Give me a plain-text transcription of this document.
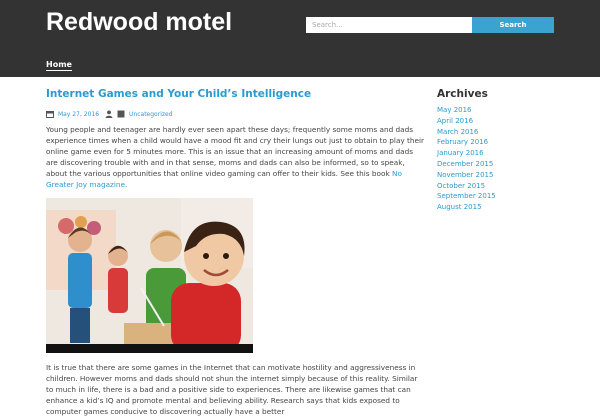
Redwood motel
Search...	Search
Home
Internet Games and Your Child’s Intelligence
May 27, 2016	Uncategorized

Young people and teenager are hardly ever seen apart these days; frequently some moms and dads experience times when a child would have a mood fit and cry their lungs out just to obtain to play their online game even for 5 minutes more. This is an issue that an increasing amount of moms and dads are discovering trouble with and in that sense, moms and dads can also be informed, so to speak, about the various opportunities that online video gaming can offer to their kids. See this book No Greater Joy magazine.

It is true that there are some games in the Internet that can motivate hostility and aggressiveness in children. However moms and dads should not shun the internet simply because of this reality. Similar to much in life, there is a bad and a positive side to experiences. There are likewise games that can enhance a kid’s IQ and promote mental and believing ability. Research says that kids exposed to computer games conducive to discovering actually have a better

Archives
May 2016
April 2016
March 2016
February 2016
January 2016
December 2015
November 2015
October 2015
September 2015
August 2015
